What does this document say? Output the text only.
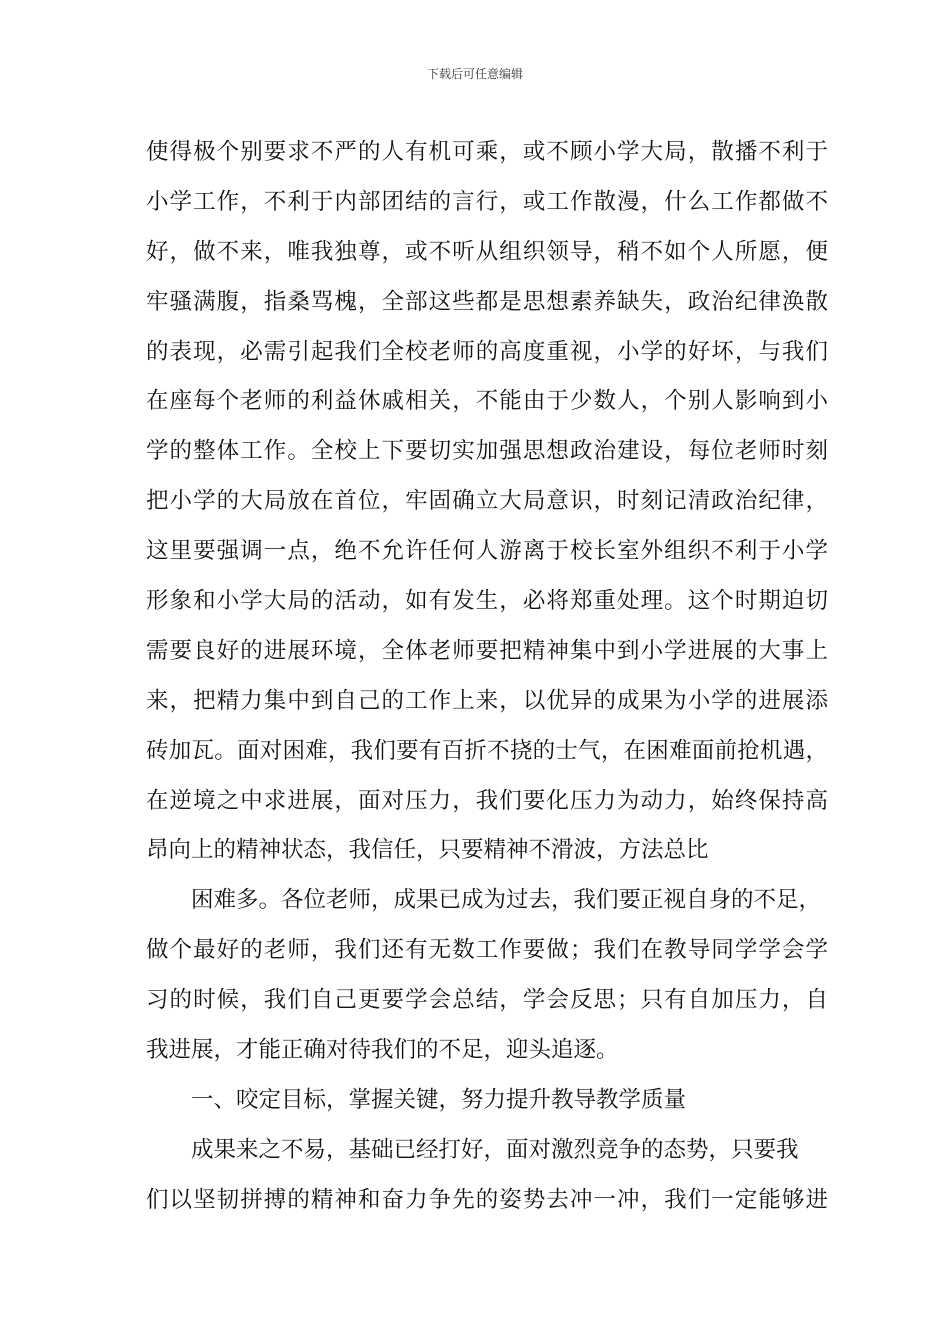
下载后可任意编辑
使得极个别要求不严的人有机可乘，或不顾小学大局，散播不利于
小学工作，不利于内部团结的言行，或工作散漫，什么工作都做不
好，做不来，唯我独尊，或不听从组织领导，稍不如个人所愿，便
牢骚满腹，指桑骂槐，全部这些都是思想素养缺失，政治纪律涣散
的表现，必需引起我们全校老师的高度重视，小学的好坏，与我们
在座每个老师的利益休戚相关，不能由于少数人，个别人影响到小
学的整体工作。全校上下要切实加强思想政治建设，每位老师时刻
把小学的大局放在首位，牢固确立大局意识，时刻记清政治纪律，
这里要强调一点，绝不允许任何人游离于校长室外组织不利于小学
形象和小学大局的活动，如有发生，必将郑重处理。这个时期迫切
需要良好的进展环境，全体老师要把精神集中到小学进展的大事上
来，把精力集中到自己的工作上来，以优异的成果为小学的进展添
砖加瓦。面对困难，我们要有百折不挠的士气，在困难面前抢机遇，
在逆境之中求进展，面对压力，我们要化压力为动力，始终保持高
昂向上的精神状态，我信任，只要精神不滑波，方法总比
困难多。各位老师，成果已成为过去，我们要正视自身的不足，
做个最好的老师，我们还有无数工作要做；我们在教导同学学会学
习的时候，我们自己更要学会总结，学会反思；只有自加压力，自
我进展，才能正确对待我们的不足，迎头追逐。
一、咬定目标，掌握关键，努力提升教导教学质量
成果来之不易，基础已经打好，面对激烈竞争的态势，只要我
们以坚韧拼搏的精神和奋力争先的姿势去冲一冲，我们一定能够进
